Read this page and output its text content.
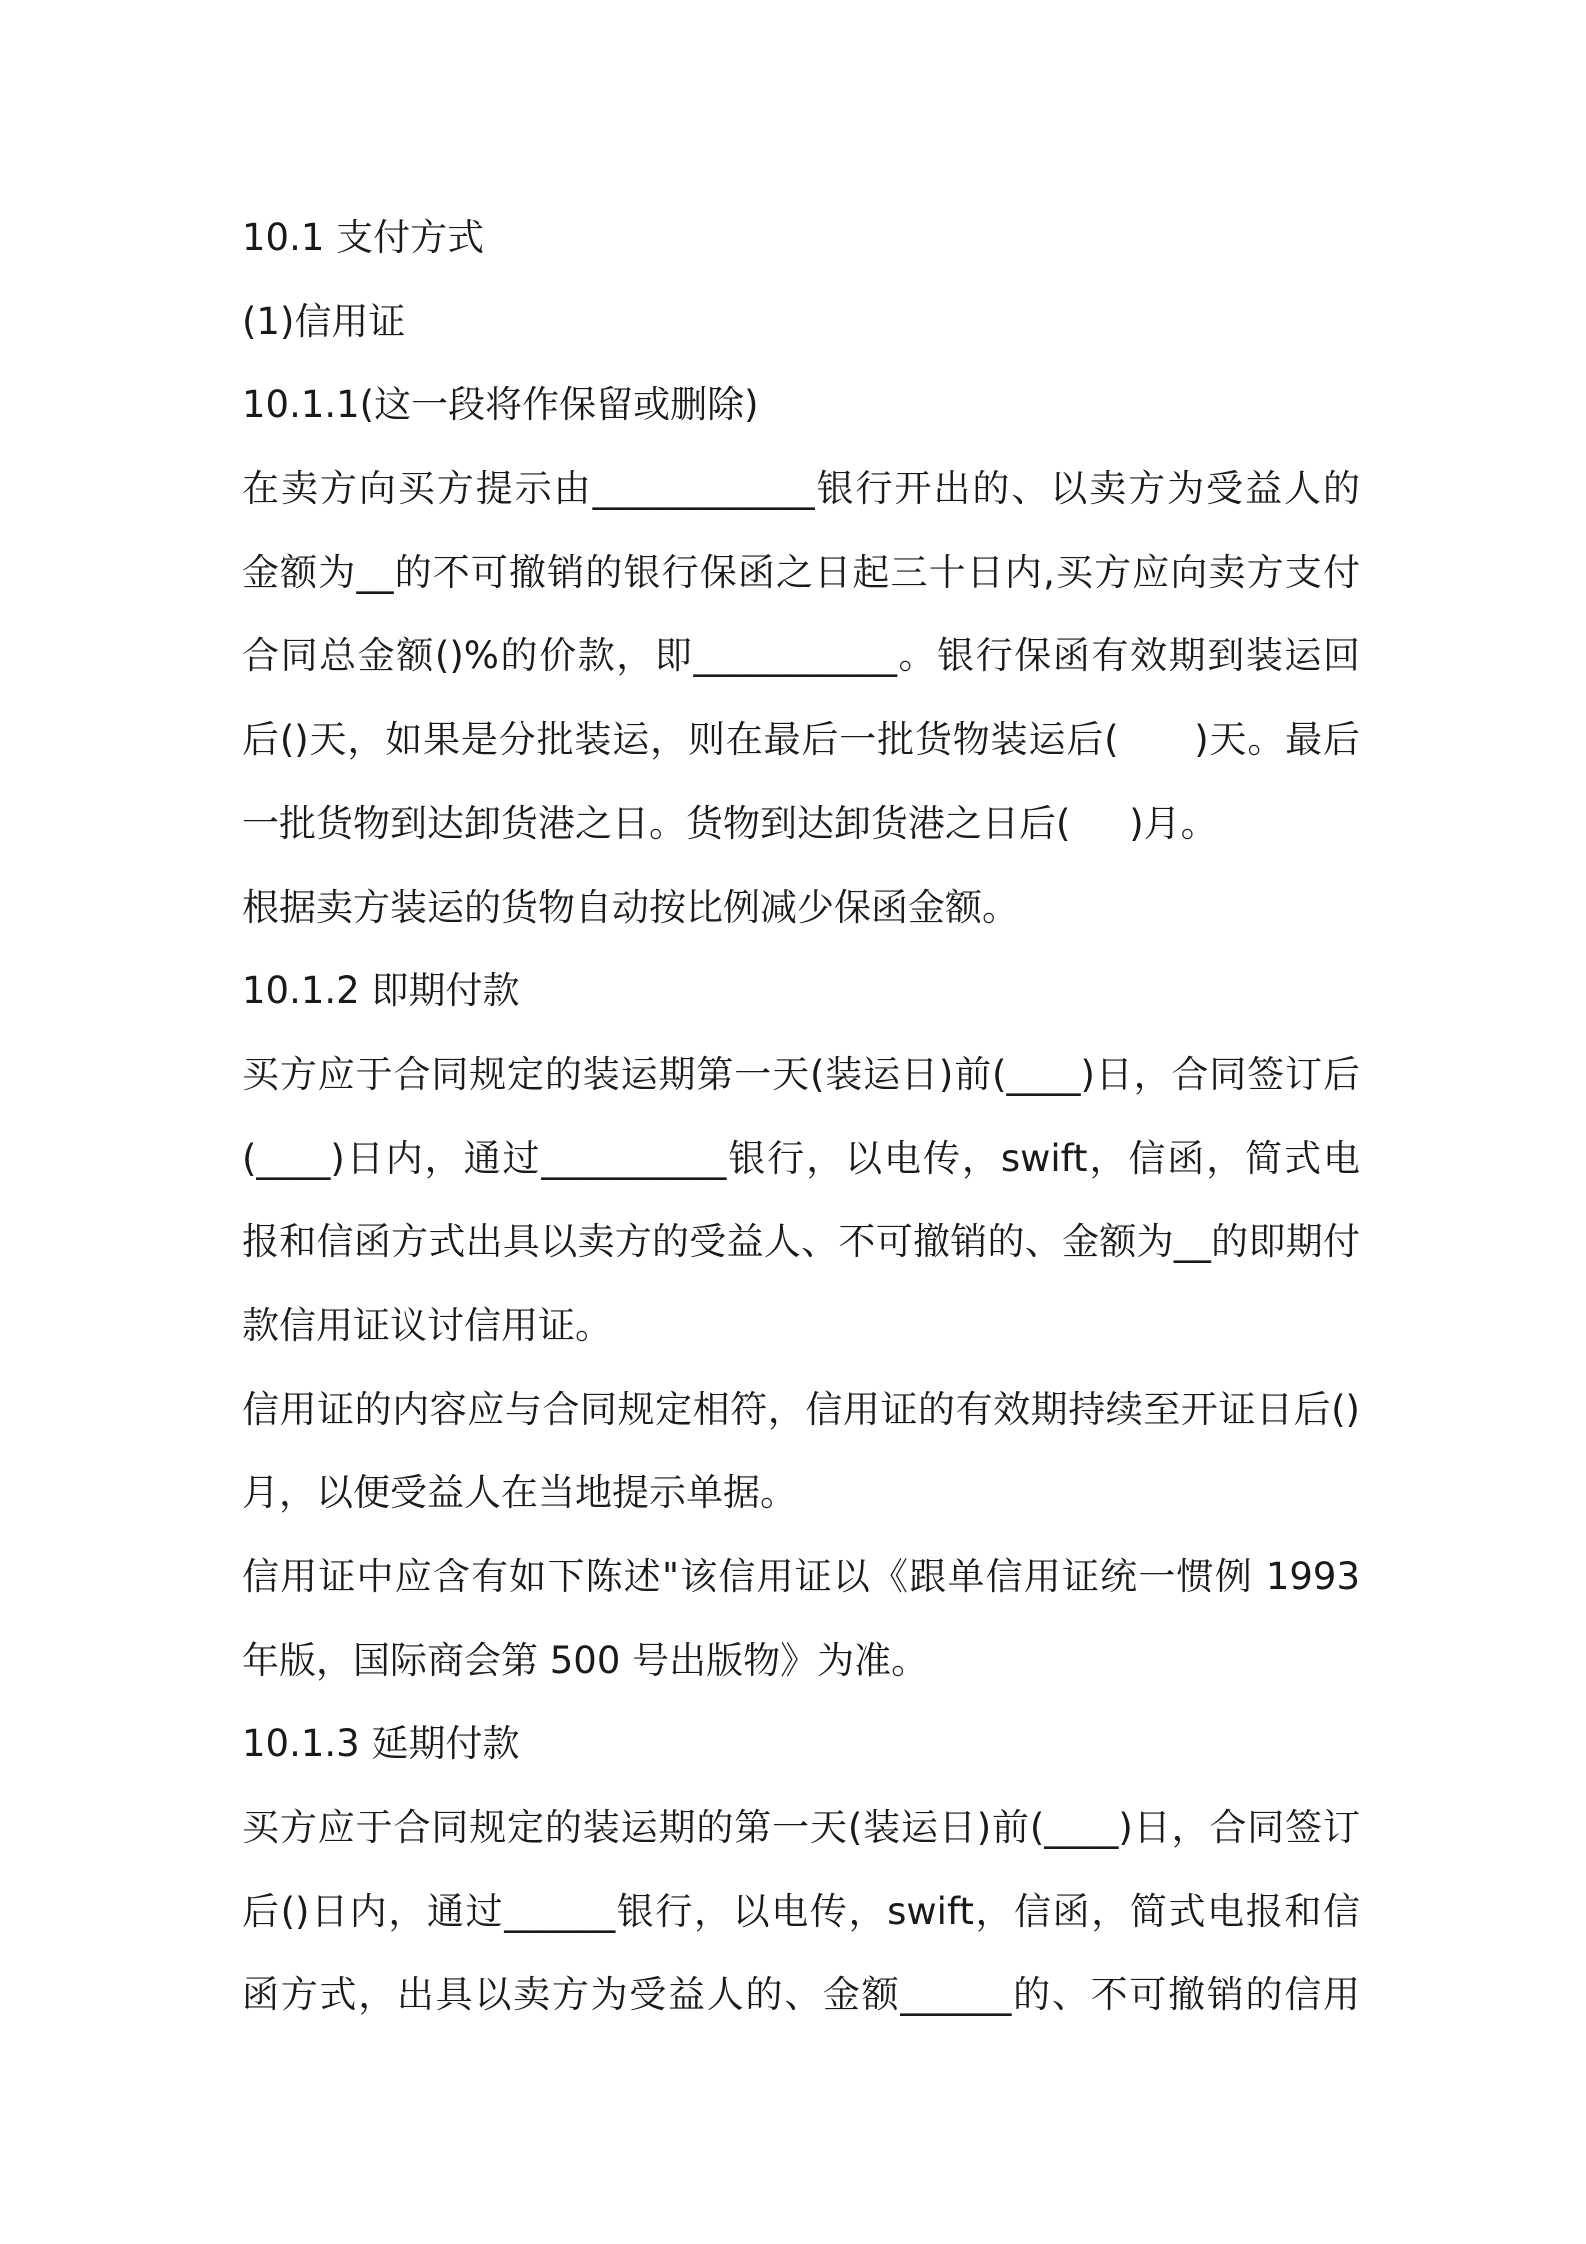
10.1 支付方式
(1)信用证
10.1.1(这一段将作保留或删除)
在卖方向买方提示由____________银行开出的、以卖方为受益人的
金额为__的不可撤销的银行保函之日起三十日内,买方应向卖方支付
合同总金额()%的价款，即___________。银行保函有效期到装运回
后()天，如果是分批装运，则在最后一批货物装运后(      )天。最后
一批货物到达卸货港之日。货物到达卸货港之日后(     )月。
根据卖方装运的货物自动按比例减少保函金额。
10.1.2 即期付款
买方应于合同规定的装运期第一天(装运日)前(____)日，合同签订后
(____)日内，通过__________银行，以电传，swift，信函，简式电
报和信函方式出具以卖方的受益人、不可撤销的、金额为__的即期付
款信用证议讨信用证。
信用证的内容应与合同规定相符，信用证的有效期持续至开证日后()
月，以便受益人在当地提示单据。
信用证中应含有如下陈述"该信用证以《跟单信用证统一惯例 1993
年版，国际商会第 500 号出版物》为准。
10.1.3 延期付款
买方应于合同规定的装运期的第一天(装运日)前(____)日，合同签订
后()日内，通过______银行，以电传，swift，信函，简式电报和信
函方式，出具以卖方为受益人的、金额______的、不可撤销的信用
